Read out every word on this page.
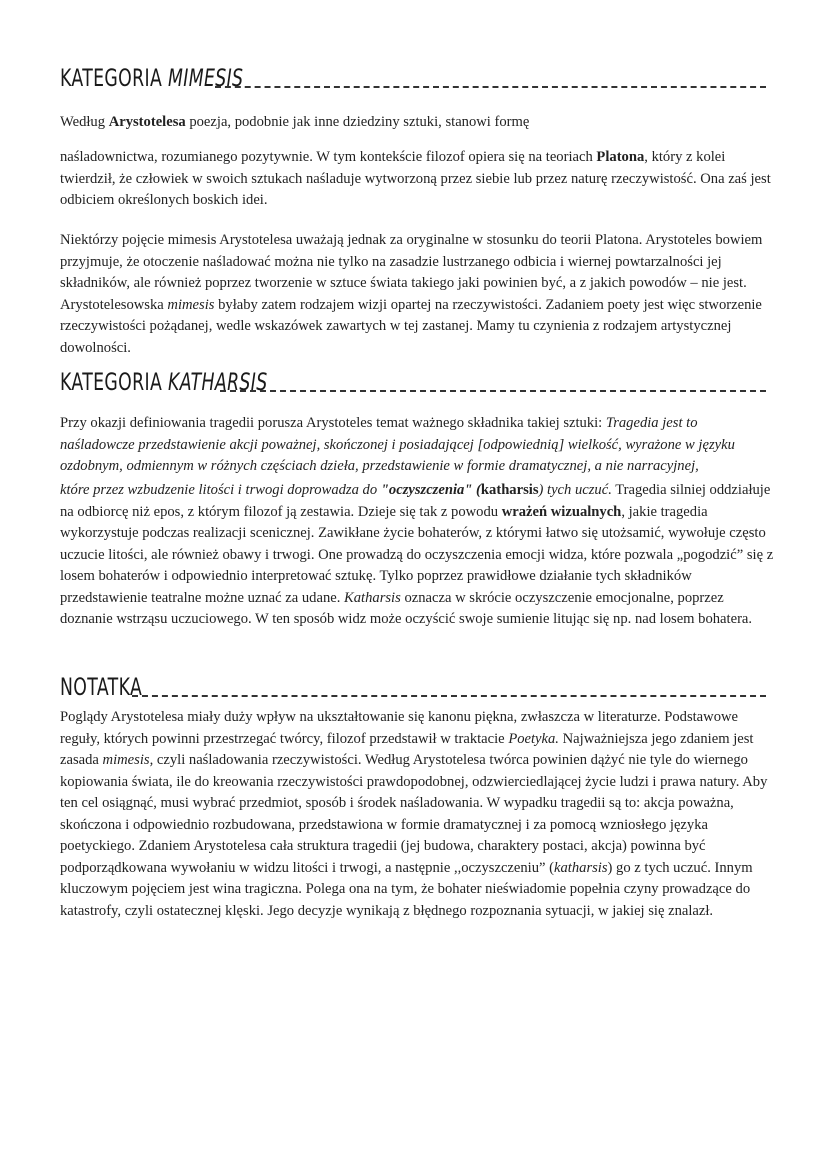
KATEGORIA MIMESIS

Według Arystotelesa poezja, podobnie jak inne dziedziny sztuki, stanowi formę

naśladownictwa, rozumianego pozytywnie. W tym kontekście filozof opiera się na teoriach Platona, który z kolei twierdził, że człowiek w swoich sztukach naśladuje wytworzoną przez siebie lub przez naturę rzeczywistość. Ona zaś jest odbiciem określonych boskich idei.

Niektórzy pojęcie mimesis Arystotelesa uważają jednak za oryginalne w stosunku do teorii Platona. Arystoteles bowiem przyjmuje, że otoczenie naśladować można nie tylko na zasadzie lustrzanego odbicia i wiernej powtarzalności jej składników, ale również poprzez tworzenie w sztuce świata takiego jaki powinien być, a z jakich powodów – nie jest. Arystotelesowska mimesis byłaby zatem rodzajem wizji opartej na rzeczywistości. Zadaniem poety jest więc stworzenie rzeczywistości pożądanej, wedle wskazówek zawartych w tej zastanej. Mamy tu czynienia z rodzajem artystycznej dowolności.

KATEGORIA KATHARSIS

Przy okazji definiowania tragedii porusza Arystoteles temat ważnego składnika takiej sztuki: Tragedia jest to naśladowcze przedstawienie akcji poważnej, skończonej i posiadającej [odpowiednią] wielkość, wyrażone w języku ozdobnym, odmiennym w różnych częściach dzieła, przedstawienie w formie dramatycznej, a nie narracyjnej,

które przez wzbudzenie litości i trwogi doprowadza do "oczyszczenia" (katharsis) tych uczuć. Tragedia silniej oddziałuje na odbiorcę niż epos, z którym filozof ją zestawia. Dzieje się tak z powodu wrażeń wizualnych, jakie tragedia wykorzystuje podczas realizacji scenicznej. Zawikłane życie bohaterów, z którymi łatwo się utożsamić, wywołuje często uczucie litości, ale również obawy i trwogi. One prowadzą do oczyszczenia emocji widza, które pozwala „pogodzić” się z losem bohaterów i odpowiednio interpretować sztukę. Tylko poprzez prawidłowe działanie tych składników przedstawienie teatralne możne uznać za udane. Katharsis oznacza w skrócie oczyszczenie emocjonalne, poprzez doznanie wstrząsu uczuciowego. W ten sposób widz może oczyścić swoje sumienie litując się np. nad losem bohatera.

NOTATKA

Poglądy Arystotelesa miały duży wpływ na ukształtowanie się kanonu piękna, zwłaszcza w literaturze. Podstawowe reguły, których powinni przestrzegać twórcy, filozof przedstawił w traktacie Poetyka. Najważniejsza jego zdaniem jest zasada mimesis, czyli naśladowania rzeczywistości. Według Arystotelesa twórca powinien dążyć nie tyle do wiernego kopiowania świata, ile do kreowania rzeczywistości prawdopodobnej, odzwierciedlającej życie ludzi i prawa natury. Aby ten cel osiągnąć, musi wybrać przedmiot, sposób i środek naśladowania. W wypadku tragedii są to: akcja poważna, skończona i odpowiednio rozbudowana, przedstawiona w formie dramatycznej i za pomocą wzniosłego języka poetyckiego. Zdaniem Arystotelesa cała struktura tragedii (jej budowa, charaktery postaci, akcja) powinna być podporządkowana wywołaniu w widzu litości i trwogi, a następnie ,,oczyszczeniu” (katharsis) go z tych uczuć. Innym kluczowym pojęciem jest wina tragiczna. Polega ona na tym, że bohater nieświadomie popełnia czyny prowadzące do katastrofy, czyli ostatecznej klęski. Jego decyzje wynikają z błędnego rozpoznania sytuacji, w jakiej się znalazł.
